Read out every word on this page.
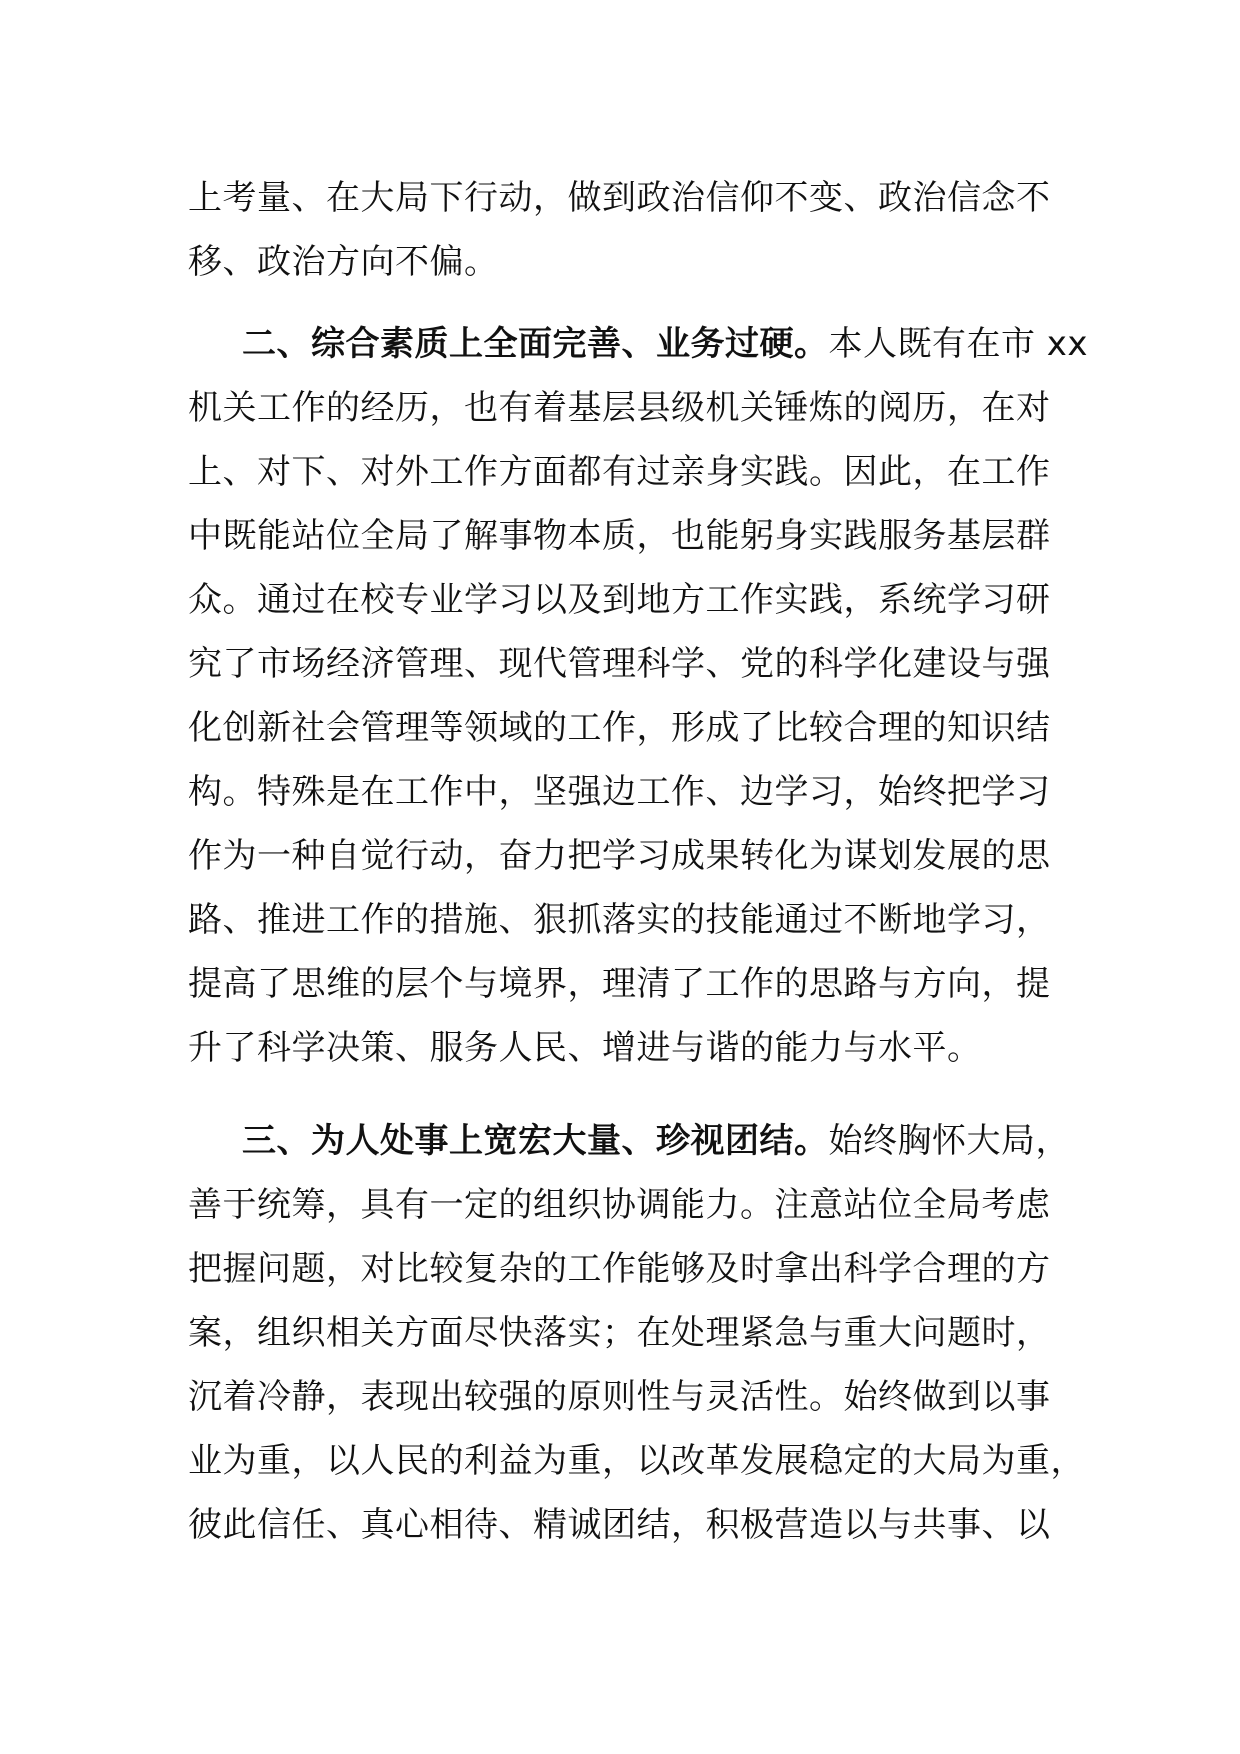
上考量、在大局下行动，做到政治信仰不变、政治信念不
移、政治方向不偏。
二、综合素质上全面完善、业务过硬。本人既有在市 xx
机关工作的经历，也有着基层县级机关锤炼的阅历，在对
上、对下、对外工作方面都有过亲身实践。因此，在工作
中既能站位全局了解事物本质，也能躬身实践服务基层群
众。通过在校专业学习以及到地方工作实践，系统学习研
究了市场经济管理、现代管理科学、党的科学化建设与强
化创新社会管理等领域的工作，形成了比较合理的知识结
构。特殊是在工作中，坚强边工作、边学习，始终把学习
作为一种自觉行动，奋力把学习成果转化为谋划发展的思
路、推进工作的措施、狠抓落实的技能通过不断地学习，
提高了思维的层个与境界，理清了工作的思路与方向，提
升了科学决策、服务人民、增进与谐的能力与水平。
三、为人处事上宽宏大量、珍视团结。始终胸怀大局，
善于统筹，具有一定的组织协调能力。注意站位全局考虑
把握问题，对比较复杂的工作能够及时拿出科学合理的方
案，组织相关方面尽快落实；在处理紧急与重大问题时，
沉着冷静，表现出较强的原则性与灵活性。始终做到以事
业为重，以人民的利益为重，以改革发展稳定的大局为重，
彼此信任、真心相待、精诚团结，积极营造以与共事、以
